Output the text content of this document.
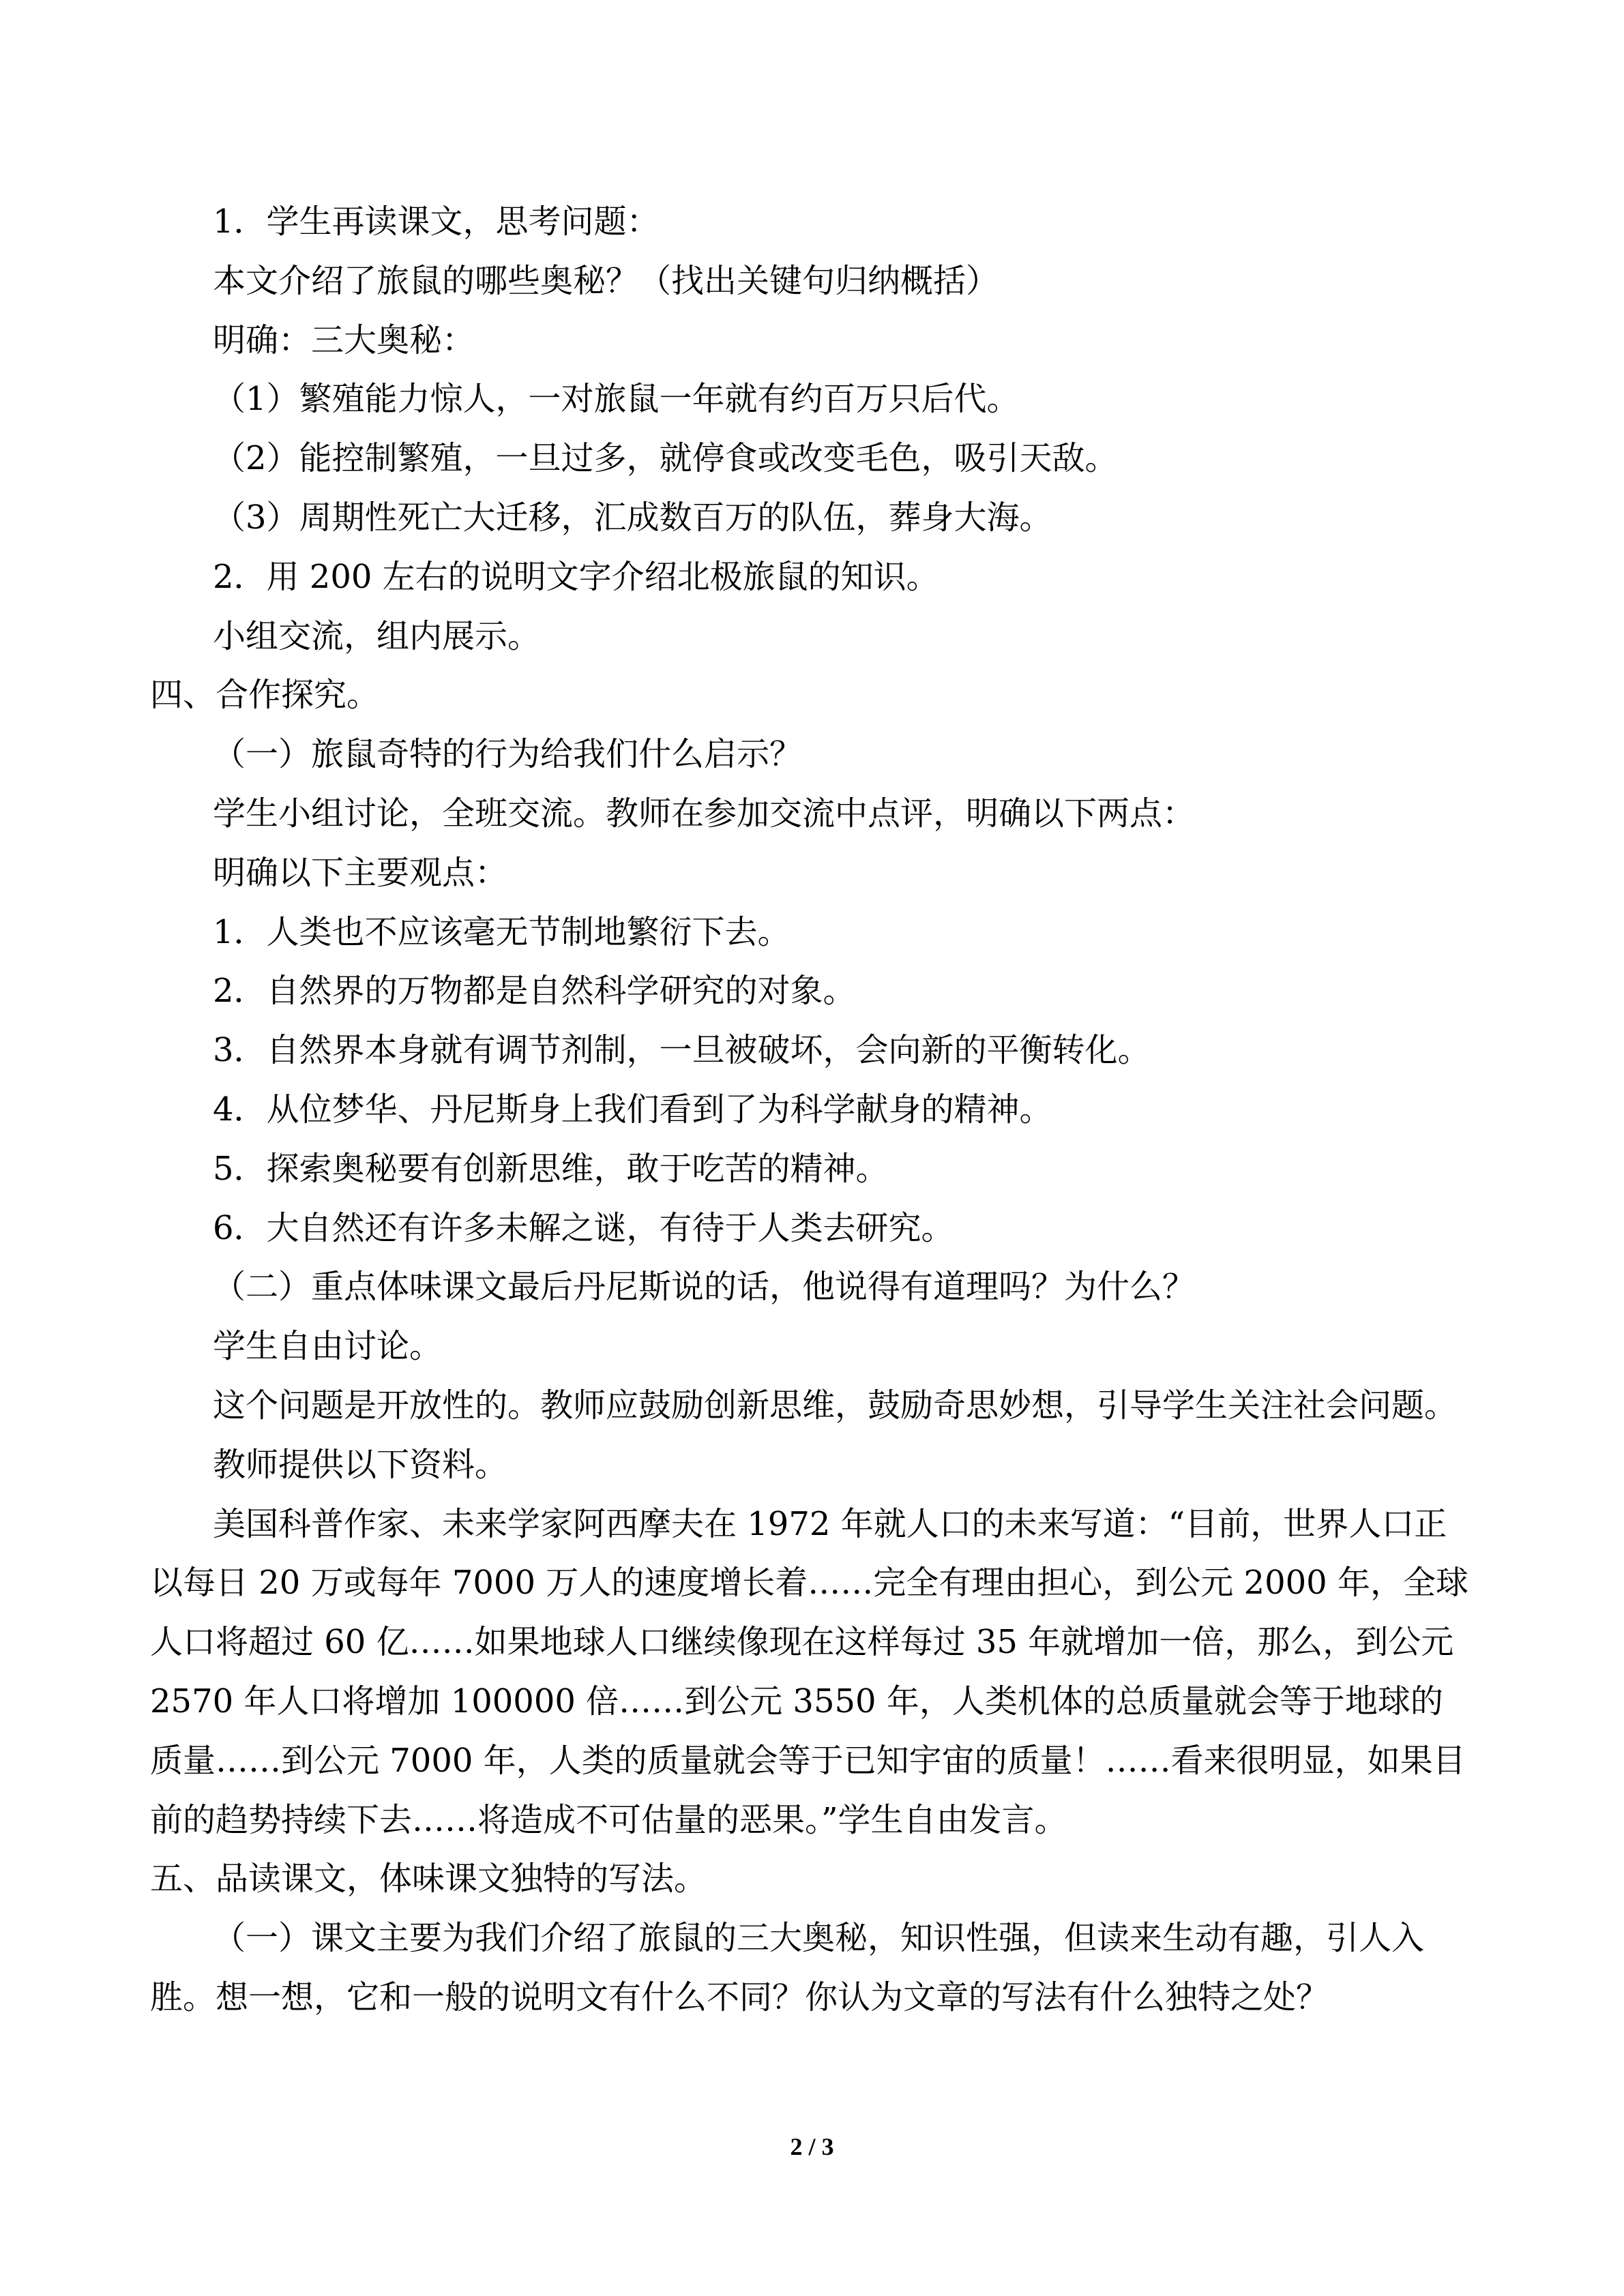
1．学生再读课文，思考问题：

本文介绍了旅鼠的哪些奥秘？（找出关键句归纳概括）

明确：三大奥秘：

（1）繁殖能力惊人，一对旅鼠一年就有约百万只后代。

（2）能控制繁殖，一旦过多，就停食或改变毛色，吸引天敌。

（3）周期性死亡大迁移，汇成数百万的队伍，葬身大海。

2．用 200 左右的说明文字介绍北极旅鼠的知识。

小组交流，组内展示。

四、合作探究。

（一）旅鼠奇特的行为给我们什么启示？

学生小组讨论，全班交流。教师在参加交流中点评，明确以下两点：

明确以下主要观点：

1．人类也不应该毫无节制地繁衍下去。

2．自然界的万物都是自然科学研究的对象。

3．自然界本身就有调节剂制，一旦被破坏，会向新的平衡转化。

4．从位梦华、丹尼斯身上我们看到了为科学献身的精神。

5．探索奥秘要有创新思维，敢于吃苦的精神。

6．大自然还有许多未解之谜，有待于人类去研究。

（二）重点体味课文最后丹尼斯说的话，他说得有道理吗？为什么？

学生自由讨论。

这个问题是开放性的。教师应鼓励创新思维，鼓励奇思妙想，引导学生关注社会问题。

教师提供以下资料。

美国科普作家、未来学家阿西摩夫在 1972 年就人口的未来写道：“目前，世界人口正以每日 20 万或每年 7000 万人的速度增长着……完全有理由担心，到公元 2000 年，全球人口将超过 60 亿……如果地球人口继续像现在这样每过 35 年就增加一倍，那么，到公元 2570 年人口将增加 100000 倍……到公元 3550 年，人类机体的总质量就会等于地球的质量……到公元 7000 年，人类的质量就会等于已知宇宙的质量！……看来很明显，如果目前的趋势持续下去……将造成不可估量的恶果。”学生自由发言。

五、品读课文，体味课文独特的写法。

（一）课文主要为我们介绍了旅鼠的三大奥秘，知识性强，但读来生动有趣，引人入胜。想一想，它和一般的说明文有什么不同？你认为文章的写法有什么独特之处？

2 / 3
